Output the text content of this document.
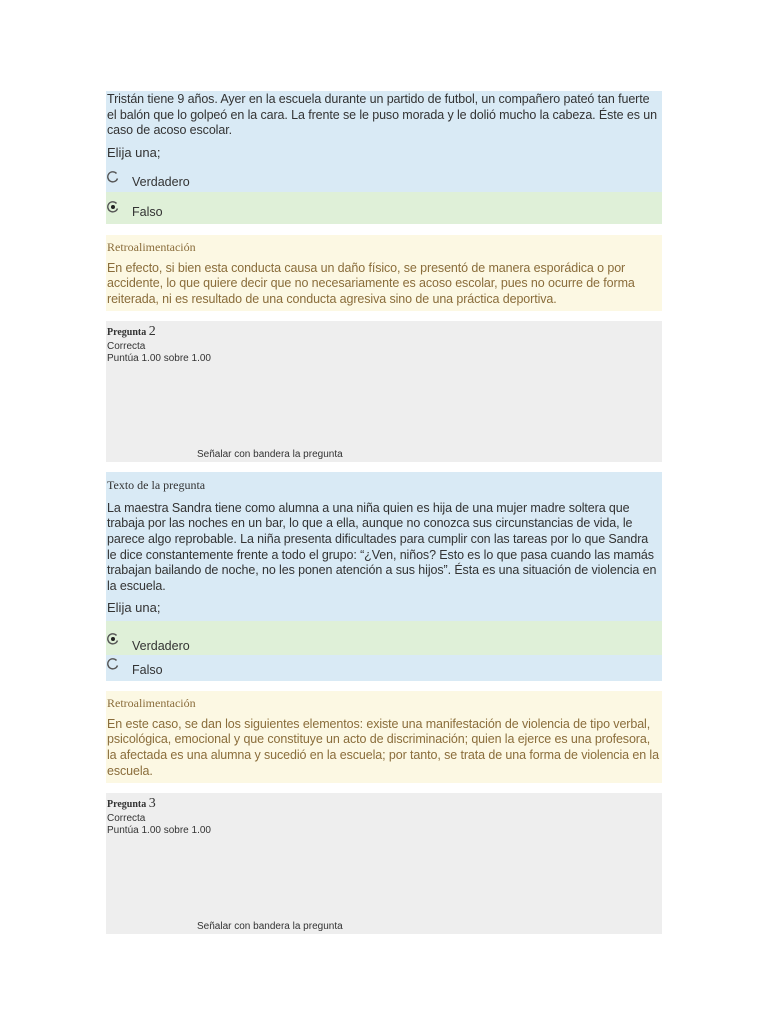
Tristán tiene 9 años. Ayer en la escuela durante un partido de futbol, un compañero pateó tan fuerte el balón que lo golpeó en la cara. La frente se le puso morada y le dolió mucho la cabeza. Éste es un caso de acoso escolar.
Elija una;
Verdadero
Falso
Retroalimentación
En efecto, si bien esta conducta causa un daño físico, se presentó de manera esporádica o por accidente, lo que quiere decir que no necesariamente es acoso escolar, pues no ocurre de forma reiterada, ni es resultado de una conducta agresiva sino de una práctica deportiva.
Pregunta 2
Correcta
Puntúa 1.00 sobre 1.00
Señalar con bandera la pregunta
Texto de la pregunta
La maestra Sandra tiene como alumna a una niña quien es hija de una mujer madre soltera que trabaja por las noches en un bar, lo que a ella, aunque no conozca sus circunstancias de vida, le parece algo reprobable. La niña presenta dificultades para cumplir con las tareas por lo que Sandra le dice constantemente frente a todo el grupo: “¿Ven, niños? Esto es lo que pasa cuando las mamás trabajan bailando de noche, no les ponen atención a sus hijos”. Ésta es una situación de violencia en la escuela.
Elija una;
Verdadero
Falso
Retroalimentación
En este caso, se dan los siguientes elementos: existe una manifestación de violencia de tipo verbal, psicológica, emocional y que constituye un acto de discriminación; quien la ejerce es una profesora, la afectada es una alumna y sucedió en la escuela; por tanto, se trata de una forma de violencia en la escuela.
Pregunta 3
Correcta
Puntúa 1.00 sobre 1.00
Señalar con bandera la pregunta
